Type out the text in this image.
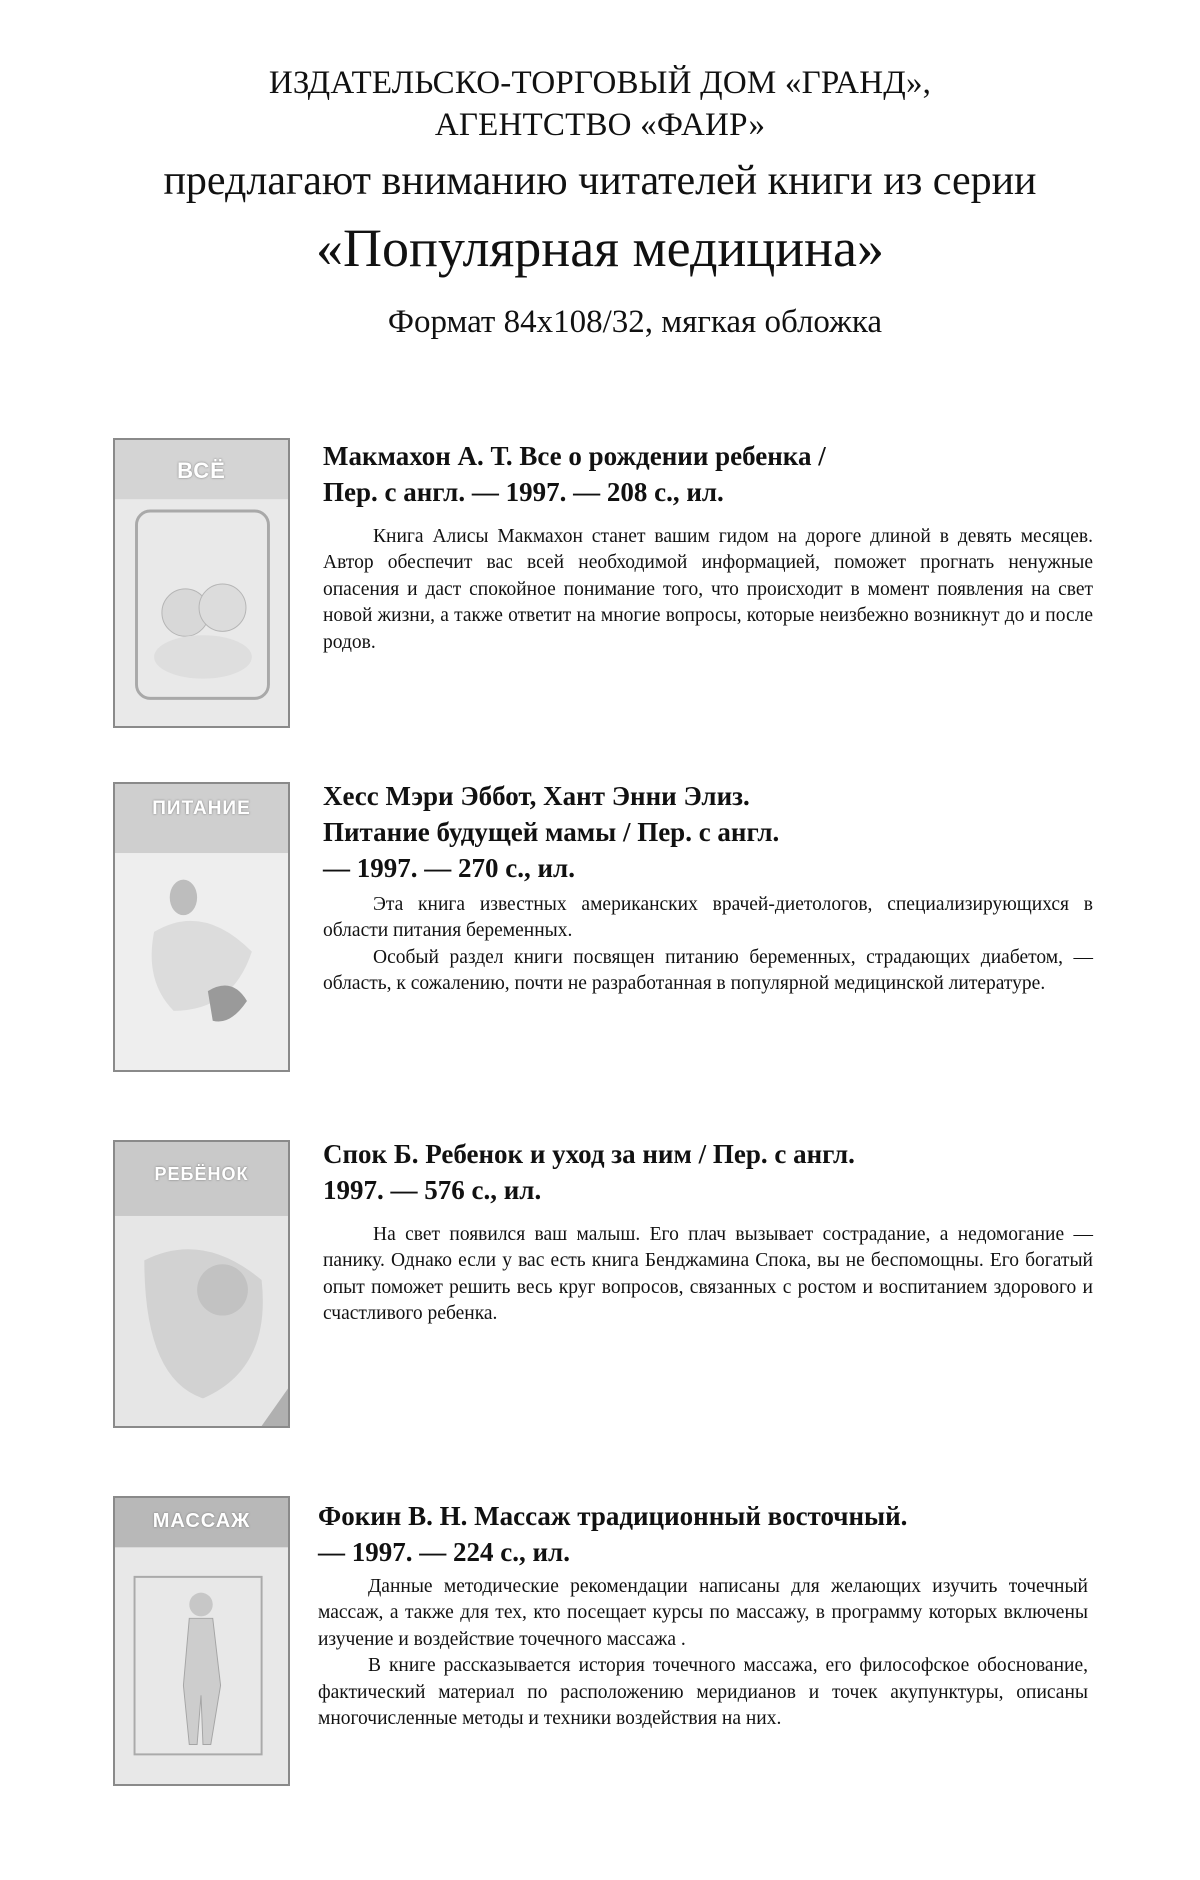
ИЗДАТЕЛЬСКО-ТОРГОВЫЙ ДОМ «ГРАНД»,
АГЕНТСТВО «ФАИР»
предлагают вниманию читателей книги из серии
«Популярная медицина»
Формат 84x108/32, мягкая обложка
ВСЁ	Макмахон А. Т. Все о рождении ребенка /
Пер. с англ. — 1997. — 208 с., ил.

Книга Алисы Макмахон станет вашим гидом на дороге длиной в девять месяцев. Автор обеспечит вас всей необходимой информацией, поможет прогнать ненужные опасения и даст спокойное понимание того, что происходит в момент появления на свет новой жизни, а также ответит на многие вопросы, которые неизбежно возникнут до и после родов.

ПИТАНИЕ	Хесс Мэри Эббот, Хант Энни Элиз.
Питание будущей мамы / Пер. с англ.
— 1997. — 270 с., ил.

Эта книга известных американских врачей-диетологов, специализирующихся в области питания беременных.

Особый раздел книги посвящен питанию беременных, страдающих диабетом, — область, к сожалению, почти не разработанная в популярной медицинской литературе.

РЕБЁНОК
Спок Б. Ребенок и уход за ним / Пер. с англ.
1997. — 576 с., ил.

На свет появился ваш малыш. Его плач вызывает сострадание, а недомогание — панику. Однако если у вас есть книга Бенджамина Спока, вы не беспомощны. Его богатый опыт поможет решить весь круг вопросов, связанных с ростом и воспитанием здорового и счастливого ребенка.

МАССАЖ	Фокин В. Н. Массаж традиционный восточный.
— 1997. — 224 с., ил.

Данные методические рекомендации написаны для желающих изучить точечный массаж, а также для тех, кто посещает курсы по массажу, в программу которых включены изучение и воздействие точечного массажа .

В книге рассказывается история точечного массажа, его философское обоснование, фактический материал по расположению меридианов и точек акупунктуры, описаны многочисленные методы и техники воздействия на них.
